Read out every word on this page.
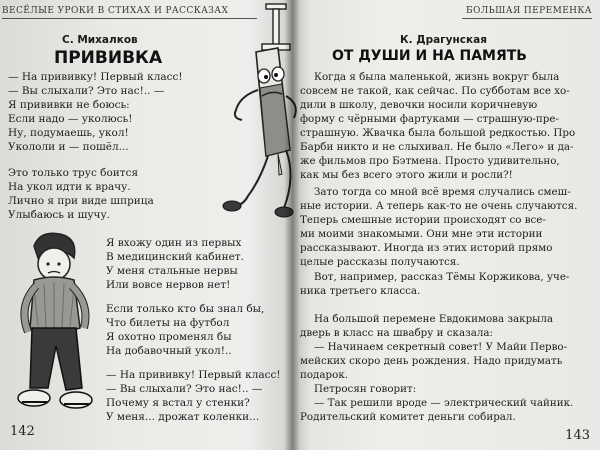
ВЕСЁЛЫЕ УРОКИ В СТИХАХ И РАССКАЗАХ
С. Михалков
ПРИВИВКА
— На прививку! Первый класс!
— Вы слыхали? Это нас!.. —
Я прививки не боюсь:
Если надо — уколюсь!
Ну, подумаешь, укол!
Укололи и — пошёл...
Это только трус боится
На укол идти к врачу.
Лично я при виде шприца
Улыбаюсь и шучу.
Я вхожу один из первых
В медицинский кабинет.
У меня стальные нервы
Или вовсе нервов нет!
Если только кто бы знал бы,
Что билеты на футбол
Я охотно променял бы
На добавочный укол!..
— На прививку! Первый класс!
— Вы слыхали? Это нас!.. —
Почему я встал у стенки?
У меня... дрожат коленки...
142
БОЛЬШАЯ ПЕРЕМЕНКА
К. Драгунская
ОТ ДУШИ И НА ПАМЯТЬ
Когда я была маленькой, жизнь вокруг была
совсем не такой, как сейчас. По субботам все хо-
дили в школу, девочки носили коричневую
форму с чёрными фартуками — страшную-пре-
страшную. Жвачка была большой редкостью. Про
Барби никто и не слыхивал. Не было «Лего» и да-
же фильмов про Бэтмена. Просто удивительно,
как мы без всего этого жили и росли?!
Зато тогда со мной всё время случались смеш-
ные истории. А теперь как-то не очень случаются.
Теперь смешные истории происходят со все-
ми моими знакомыми. Они мне эти истории
рассказывают. Иногда из этих историй прямо
целые рассказы получаются.
Вот, например, рассказ Тёмы Коржикова, уче-
ника третьего класса.
На большой перемене Евдокимова закрыла
дверь в класс на швабру и сказала:
— Начинаем секретный совет! У Майи Перво-
мейских скоро день рождения. Надо придумать
подарок.
Петросян говорит:
— Так решили вроде — электрический чайник.
Родительский комитет деньги собирал.
143
